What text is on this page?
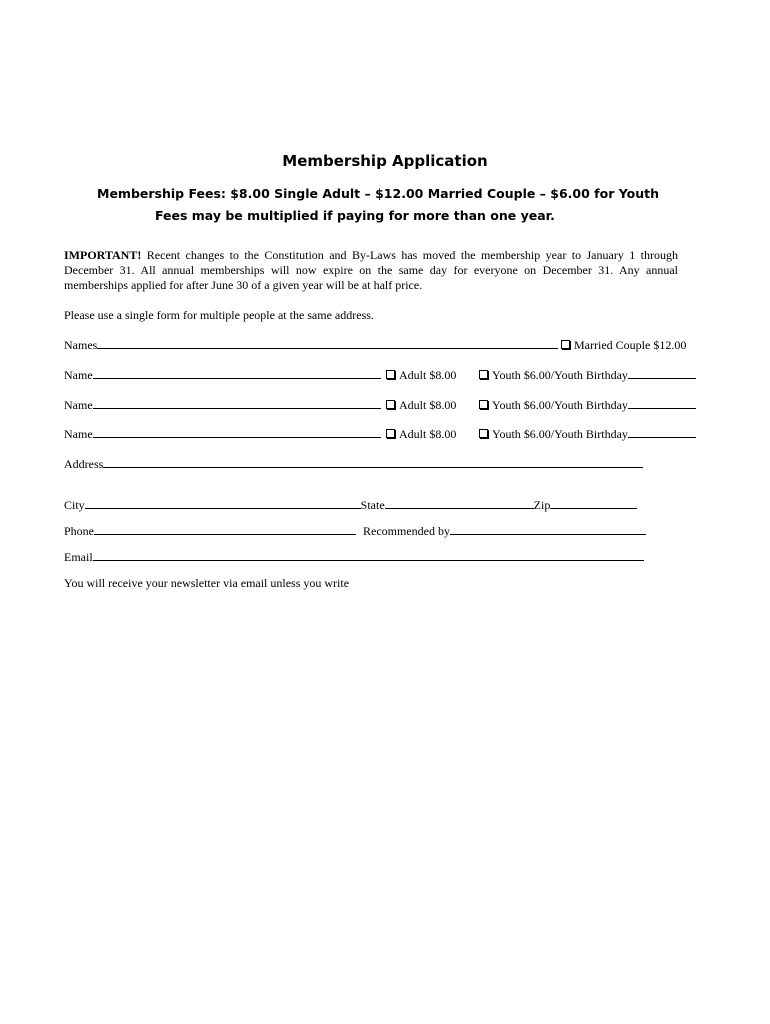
Membership Application
Membership Fees: $8.00 Single Adult – $12.00 Married Couple – $6.00 for Youth
Fees may be multiplied if paying for more than one year.
IMPORTANT! Recent changes to the Constitution and By-Laws has moved the membership year to January 1 through December 31. All annual memberships will now expire on the same day for everyone on December 31. Any annual memberships applied for after June 30 of a given year will be at half price.
Please use a single form for multiple people at the same address.
Names	Married Couple $12.00
Name	Adult $8.00	Youth $6.00/Youth Birthday
Name	Adult $8.00	Youth $6.00/Youth Birthday
Name	Adult $8.00	Youth $6.00/Youth Birthday
Address
City	State	Zip
Phone	Recommended by
Email
You will receive your newsletter via email unless you write
